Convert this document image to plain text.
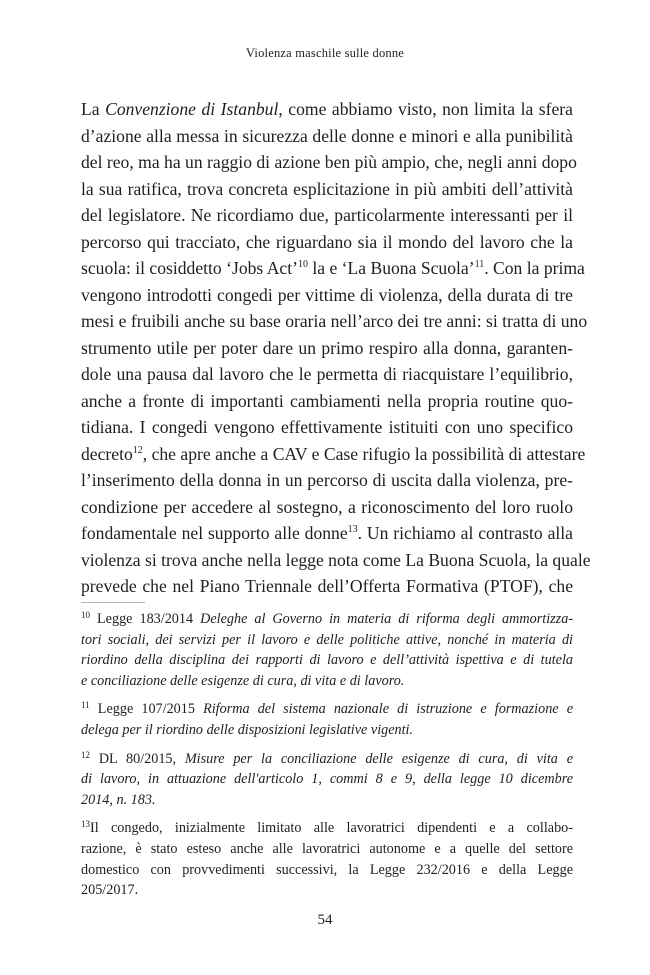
Violenza maschile sulle donne
La Convenzione di Istanbul, come abbiamo visto, non limita la sfera
d’azione alla messa in sicurezza delle donne e minori e alla punibilità
del reo, ma ha un raggio di azione ben più ampio, che, negli anni dopo
la sua ratifica, trova concreta esplicitazione in più ambiti dell’attività
del legislatore. Ne ricordiamo due, particolarmente interessanti per il
percorso qui tracciato, che riguardano sia il mondo del lavoro che la
scuola: il cosiddetto ‘Jobs Act’$^{10}$ la e ‘La Buona Scuola’$^{11}$. Con la prima
vengono introdotti congedi per vittime di violenza, della durata di tre
mesi e fruibili anche su base oraria nell’arco dei tre anni: si tratta di uno
strumento utile per poter dare un primo respiro alla donna, garanten-
dole una pausa dal lavoro che le permetta di riacquistare l’equilibrio,
anche a fronte di importanti cambiamenti nella propria routine quo-
tidiana. I congedi vengono effettivamente istituiti con uno specifico
decreto$^{12}$, che apre anche a CAV e Case rifugio la possibilità di attestare
l’inserimento della donna in un percorso di uscita dalla violenza, pre-
condizione per accedere al sostegno, a riconoscimento del loro ruolo
fondamentale nel supporto alle donne$^{13}$. Un richiamo al contrasto alla
violenza si trova anche nella legge nota come La Buona Scuola, la quale
prevede che nel Piano Triennale dell’Offerta Formativa (PTOF), che
$^{10}$ Legge 183/2014 Deleghe al Governo in materia di riforma degli ammortizza-
tori sociali, dei servizi per il lavoro e delle politiche attive, nonché in materia di
riordino della disciplina dei rapporti di lavoro e dell’attività ispettiva e di tutela
e conciliazione delle esigenze di cura, di vita e di lavoro.
$^{11}$ Legge 107/2015 Riforma del sistema nazionale di istruzione e formazione e
delega per il riordino delle disposizioni legislative vigenti.
$^{12}$ DL 80/2015, Misure per la conciliazione delle esigenze di cura, di vita e
di lavoro, in attuazione dell'articolo 1, commi 8 e 9, della legge 10 dicembre
2014, n. 183.
$^{13}$Il congedo, inizialmente limitato alle lavoratrici dipendenti e a collabo-
razione, è stato esteso anche alle lavoratrici autonome e a quelle del settore
domestico con provvedimenti successivi, la Legge 232/2016 e della Legge
205/2017.
54
